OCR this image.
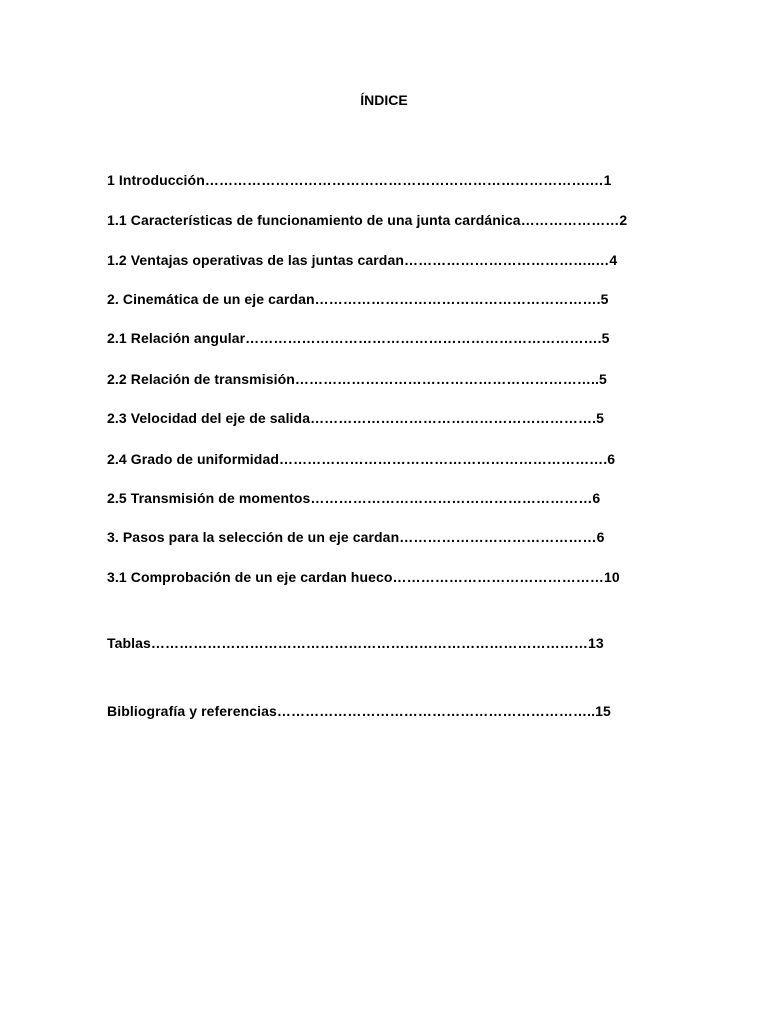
ÍNDICE
1 Introducción……………………………………………………………………….…1
1.1 Características de funcionamiento de una junta cardánica…………………2
1.2 Ventajas operativas de las juntas cardan…………………………………..…4
2. Cinemática de un eje cardan…………………………………………………….5
2.1 Relación angular………………………………………………………………….5
2.2 Relación de transmisión………………………………………………………..5
2.3 Velocidad del eje de salida…………………………………………………….5
2.4 Grado de uniformidad…………………………………………………………….6
2.5 Transmisión de momentos……………………………………………………6
3. Pasos para la selección de un eje cardan……………………………………6
3.1 Comprobación de un eje cardan hueco………………………………………10
Tablas…………………………………………………………………………………13
Bibliografía y referencias…………………………………………………………..15
